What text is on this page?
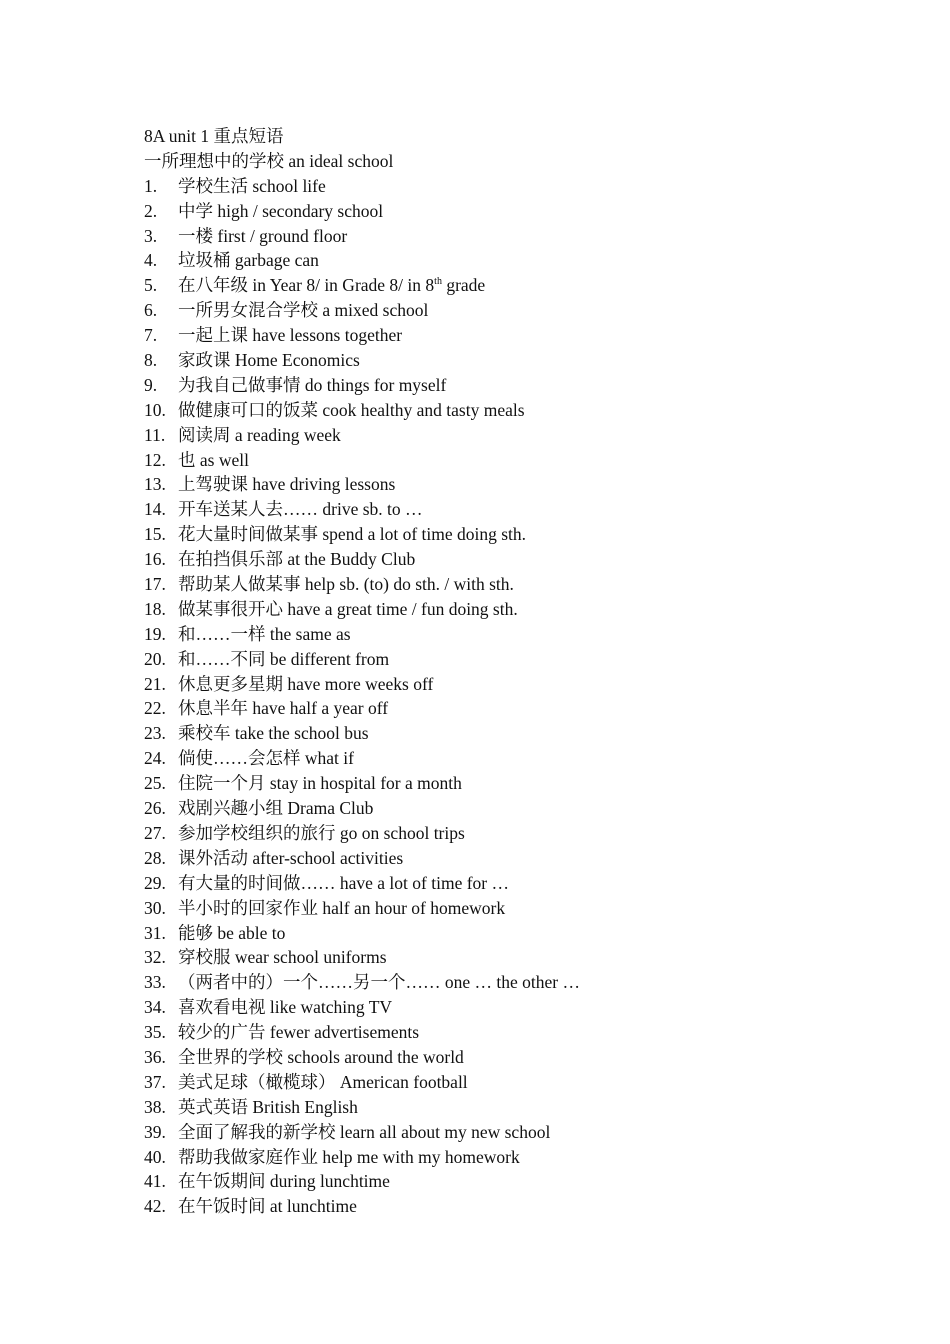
8A unit 1 重点短语
一所理想中的学校 an ideal school
1.	学校生活 school life
2.	中学 high / secondary school
3.	一楼 first / ground floor
4.	垃圾桶 garbage can
5.	在八年级 in Year 8/ in Grade 8/ in 8th grade
6.	一所男女混合学校 a mixed school
7.	一起上课 have lessons together
8.	家政课 Home Economics
9.	为我自己做事情 do things for myself
10. 做健康可口的饭菜 cook healthy and tasty meals
11. 阅读周 a reading week
12. 也 as well
13. 上驾驶课 have driving lessons
14. 开车送某人去…… drive sb. to …
15. 花大量时间做某事 spend a lot of time doing sth.
16. 在拍挡俱乐部 at the Buddy Club
17. 帮助某人做某事 help sb. (to) do sth. / with sth.
18. 做某事很开心 have a great time / fun doing sth.
19. 和……一样 the same as
20. 和……不同 be different from
21. 休息更多星期 have more weeks off
22. 休息半年 have half a year off
23. 乘校车 take the school bus
24. 倘使……会怎样 what if
25. 住院一个月 stay in hospital for a month
26. 戏剧兴趣小组 Drama Club
27. 参加学校组织的旅行 go on school trips
28. 课外活动 after-school activities
29. 有大量的时间做…… have a lot of time for …
30. 半小时的回家作业 half an hour of homework
31. 能够 be able to
32. 穿校服 wear school uniforms
33. （两者中的）一个……另一个…… one … the other …
34. 喜欢看电视 like watching TV
35. 较少的广告 fewer advertisements
36. 全世界的学校 schools around the world
37. 美式足球（橄榄球） American football
38. 英式英语 British English
39. 全面了解我的新学校 learn all about my new school
40. 帮助我做家庭作业 help me with my homework
41. 在午饭期间 during lunchtime
42. 在午饭时间 at lunchtime
